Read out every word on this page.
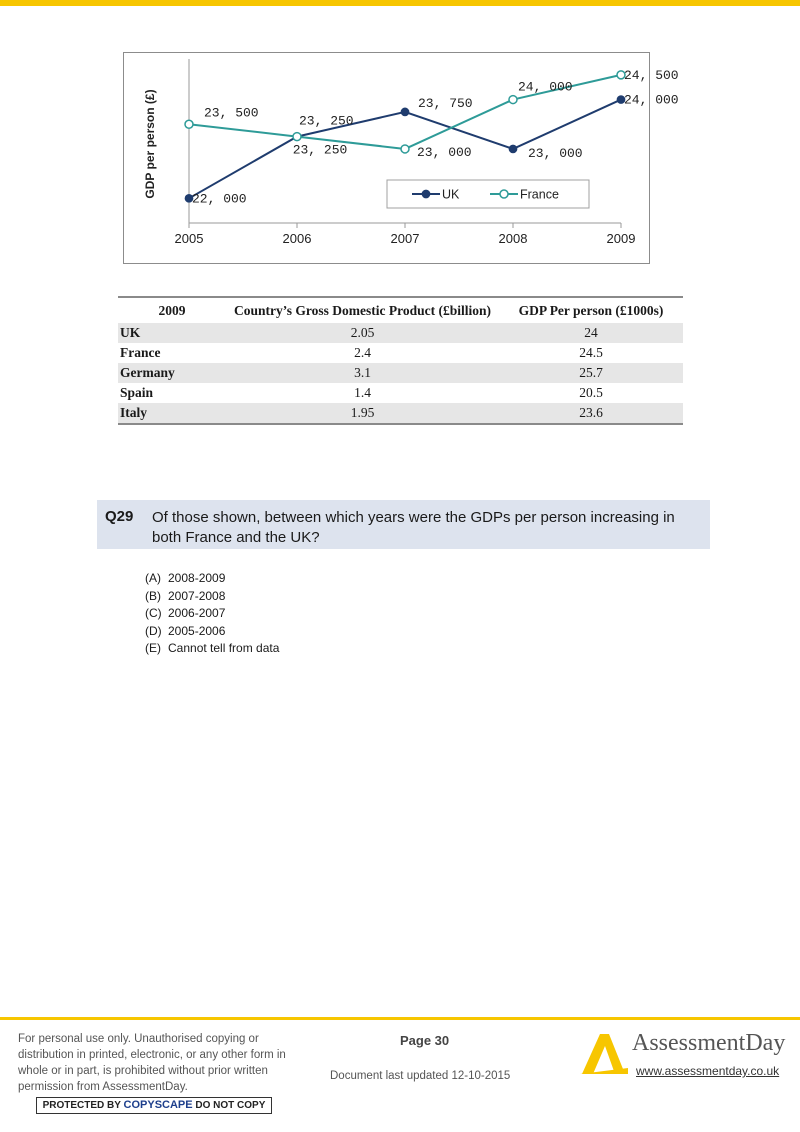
2005	2006	2007	2008	2009
GDP per person (£)
22, 000
23, 250
23, 750
23, 000
24, 000
23, 500
23, 250	23, 000
24, 000
24, 500
UK	France
2009	Country’s Gross Domestic Product (£billion)	GDP Per person (£1000s)
UK	2.05	24
France	2.4	24.5
Germany	3.1	25.7
Spain	1.4	20.5
Italy	1.95	23.6
Q29 Of those shown, between which years were the GDPs per person increasing in both France and the UK?
(A) 2008-2009
(B) 2007-2008
(C) 2006-2007
(D) 2005-2006
(E) Cannot tell from data
For personal use only. Unauthorised copying or distribution in printed, electronic, or any other form in whole or in part, is prohibited without prior written permission from AssessmentDay.
PROTECTED BY COPYSCAPE DO NOT COPY
Page 30
Document last updated 12-10-2015
AssessmentDay
www.assessmentday.co.uk
